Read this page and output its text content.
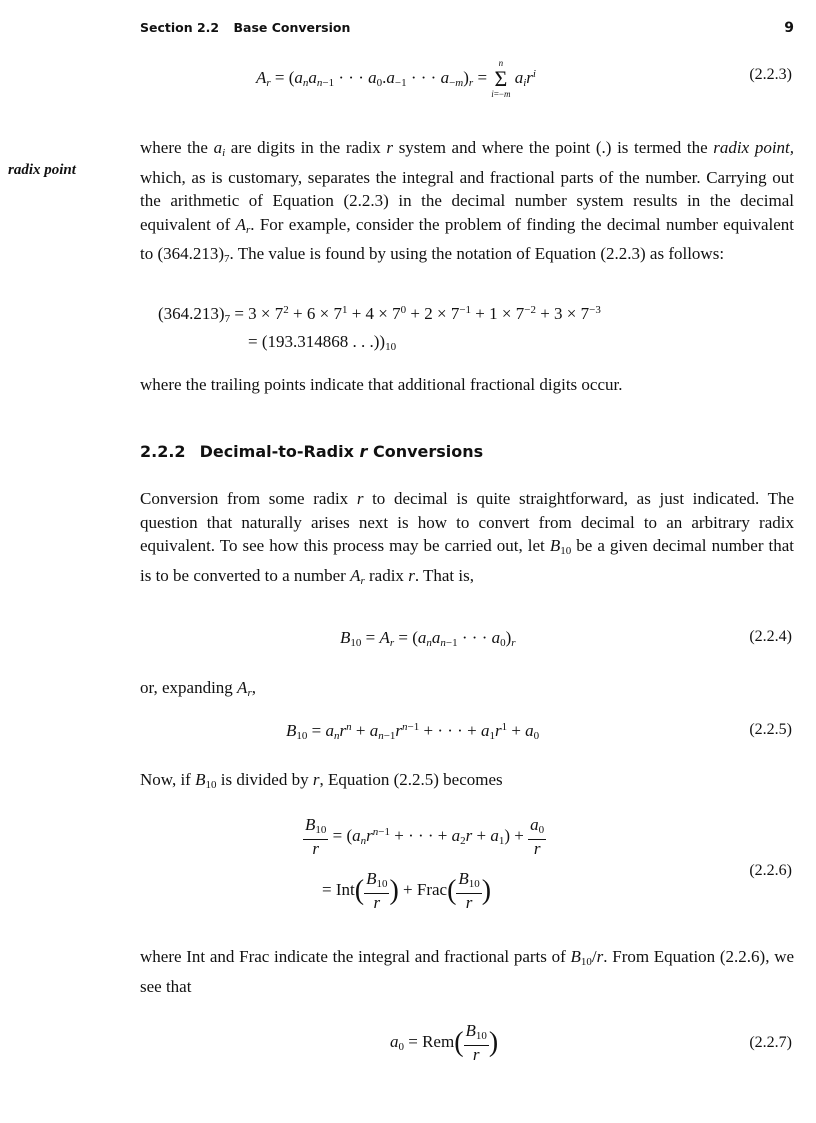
Section 2.2 Base Conversion	9
$A_r = (a_na_{n-1}$ · · · $a_0.a_{-1}$ · · · $a_{-m})_r$ =
n
Σ
i=−m
$a_ir^i$	(2.2.3)
radix point
where the $a_i$ are digits in the radix r system and where the point (.) is termed the radix point, which, as is customary, separates the integral and fractional parts of the number. Carrying out the arithmetic of Equation (2.2.3) in the decimal number system results in the decimal equivalent of $A_r$. For example, consider the problem of finding the decimal number equivalent to $(364.213)_7$. The value is found by using the notation of Equation (2.2.3) as follows:
$(364.213)_7 = 3 \times 7^2 + 6 \times 7^1 + 4 \times 7^0 + 2 \times 7^{-1} + 1 \times 7^{-2} + 3 \times 7^{-3}$
= (193.314868 . . $.))_{10}$
where the trailing points indicate that additional fractional digits occur.
2.2.2 Decimal-to-Radix r Conversions
Conversion from some radix r to decimal is quite straightforward, as just indicated. The question that naturally arises next is how to convert from decimal to an arbitrary radix equivalent. To see how this process may be carried out, let $B_{10}$ be a given decimal number that is to be converted to a number $A_r$ radix r. That is,
$B_{10} = A_r = (a_na_{n-1}$ · · · $a_0)_r$	(2.2.4)
or, expanding $A_r$,
$B_{10} = a_nr^n + a_{n-1}r^{n-1}$ + · · · + $a_1r^1 + a_0$	(2.2.5)
Now, if $B_{10}$ is divided by r, Equation (2.2.5) becomes
$\frac{B_{10}}{r} = (a_nr^{n-1}$ + · · · + $a_2r + a_1) + \frac{a_0}{r}$
= $Int( \frac{B_{10}}{r}$ ) + Frac( $\frac{B_{10}}{r}$ )
(2.2.6)
where Int and Frac indicate the integral and fractional parts of $B_{10}/r$. From Equation (2.2.6), we see that
$a_0 = Rem( \frac{B_{10}}{r}$ )	(2.2.7)
